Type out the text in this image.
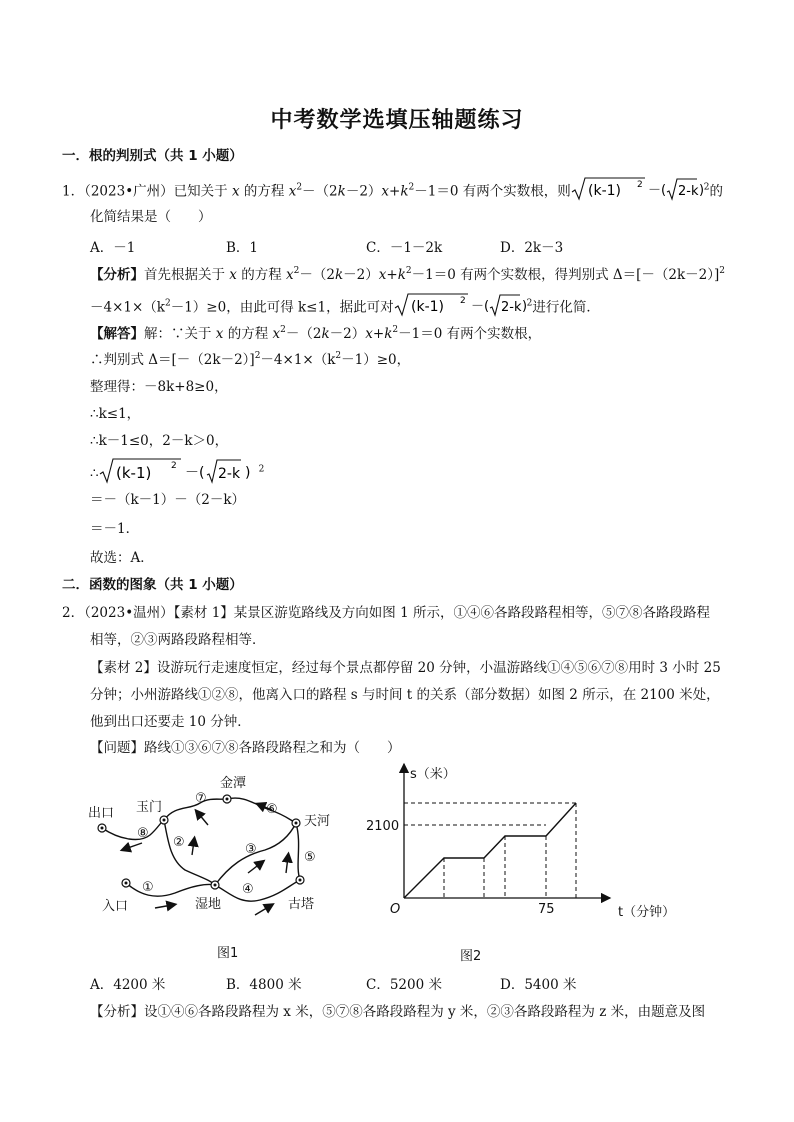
中考数学选填压轴题练习
一．根的判别式（共 1 小题）
1．（2023•广州）已知关于 x 的方程 $x^2-(2k-2)x+k^2-1=0$ 有两个实数根，则 (k-1) 2 －( 2-k ) $^2$的
化简结果是（　　）
A．－1	B．1	C．－1－2k	D．2k－3
【分析】首先根据关于 x 的方程 $x^2-(2k-2)x+k^2-1=0$ 有两个实数根，得判别式 $\Delta=[-(2k-2)]^2$
$-4\times 1\times(k^2-1)\ge 0$，由此可得 k≤1，据此可对 (k-1) 2 －( 2-k ) $^2$进行化简．
【解答】解：∵关于 x 的方程 $x^2-(2k-2)x+k^2-1=0$ 有两个实数根，
∴判别式 $\Delta=[-(2k-2)]^2-4\times 1\times(k^2-1)\ge 0$，
整理得：－8k+8≥0，
∴k≤1，
∴k－1≤0，2－k＞0，
∴ (k-1) 2 －( 2-k ) $^2$
＝－（k－1）－（2－k）
＝－1．
故选：A．
二．函数的图象（共 1 小题）
2．（2023•温州）【素材 1】某景区游览路线及方向如图 1 所示，①④⑥各路段路程相等，⑤⑦⑧各路段路程
相等，②③两路段路程相等．
【素材 2】设游玩行走速度恒定，经过每个景点都停留 20 分钟，小温游路线①④⑤⑥⑦⑧用时 3 小时 25
分钟；小州游路线①②⑧，他离入口的路程 s 与时间 t 的关系（部分数据）如图 2 所示，在 2100 米处，
他到出口还要走 10 分钟．
【问题】路线①③⑥⑦⑧各路段路程之和为（　　）
出口 玉门
金潭
天河
入口	湿地	古塔
⑧
⑦
⑥
②	③
⑤
①	④
图1
s（米）
t（分钟）
O
2100
75
图2
A．4200 米	B．4800 米	C．5200 米	D．5400 米
【分析】设①④⑥各路段路程为 x 米，⑤⑦⑧各路段路程为 y 米，②③各路段路程为 z 米，由题意及图
